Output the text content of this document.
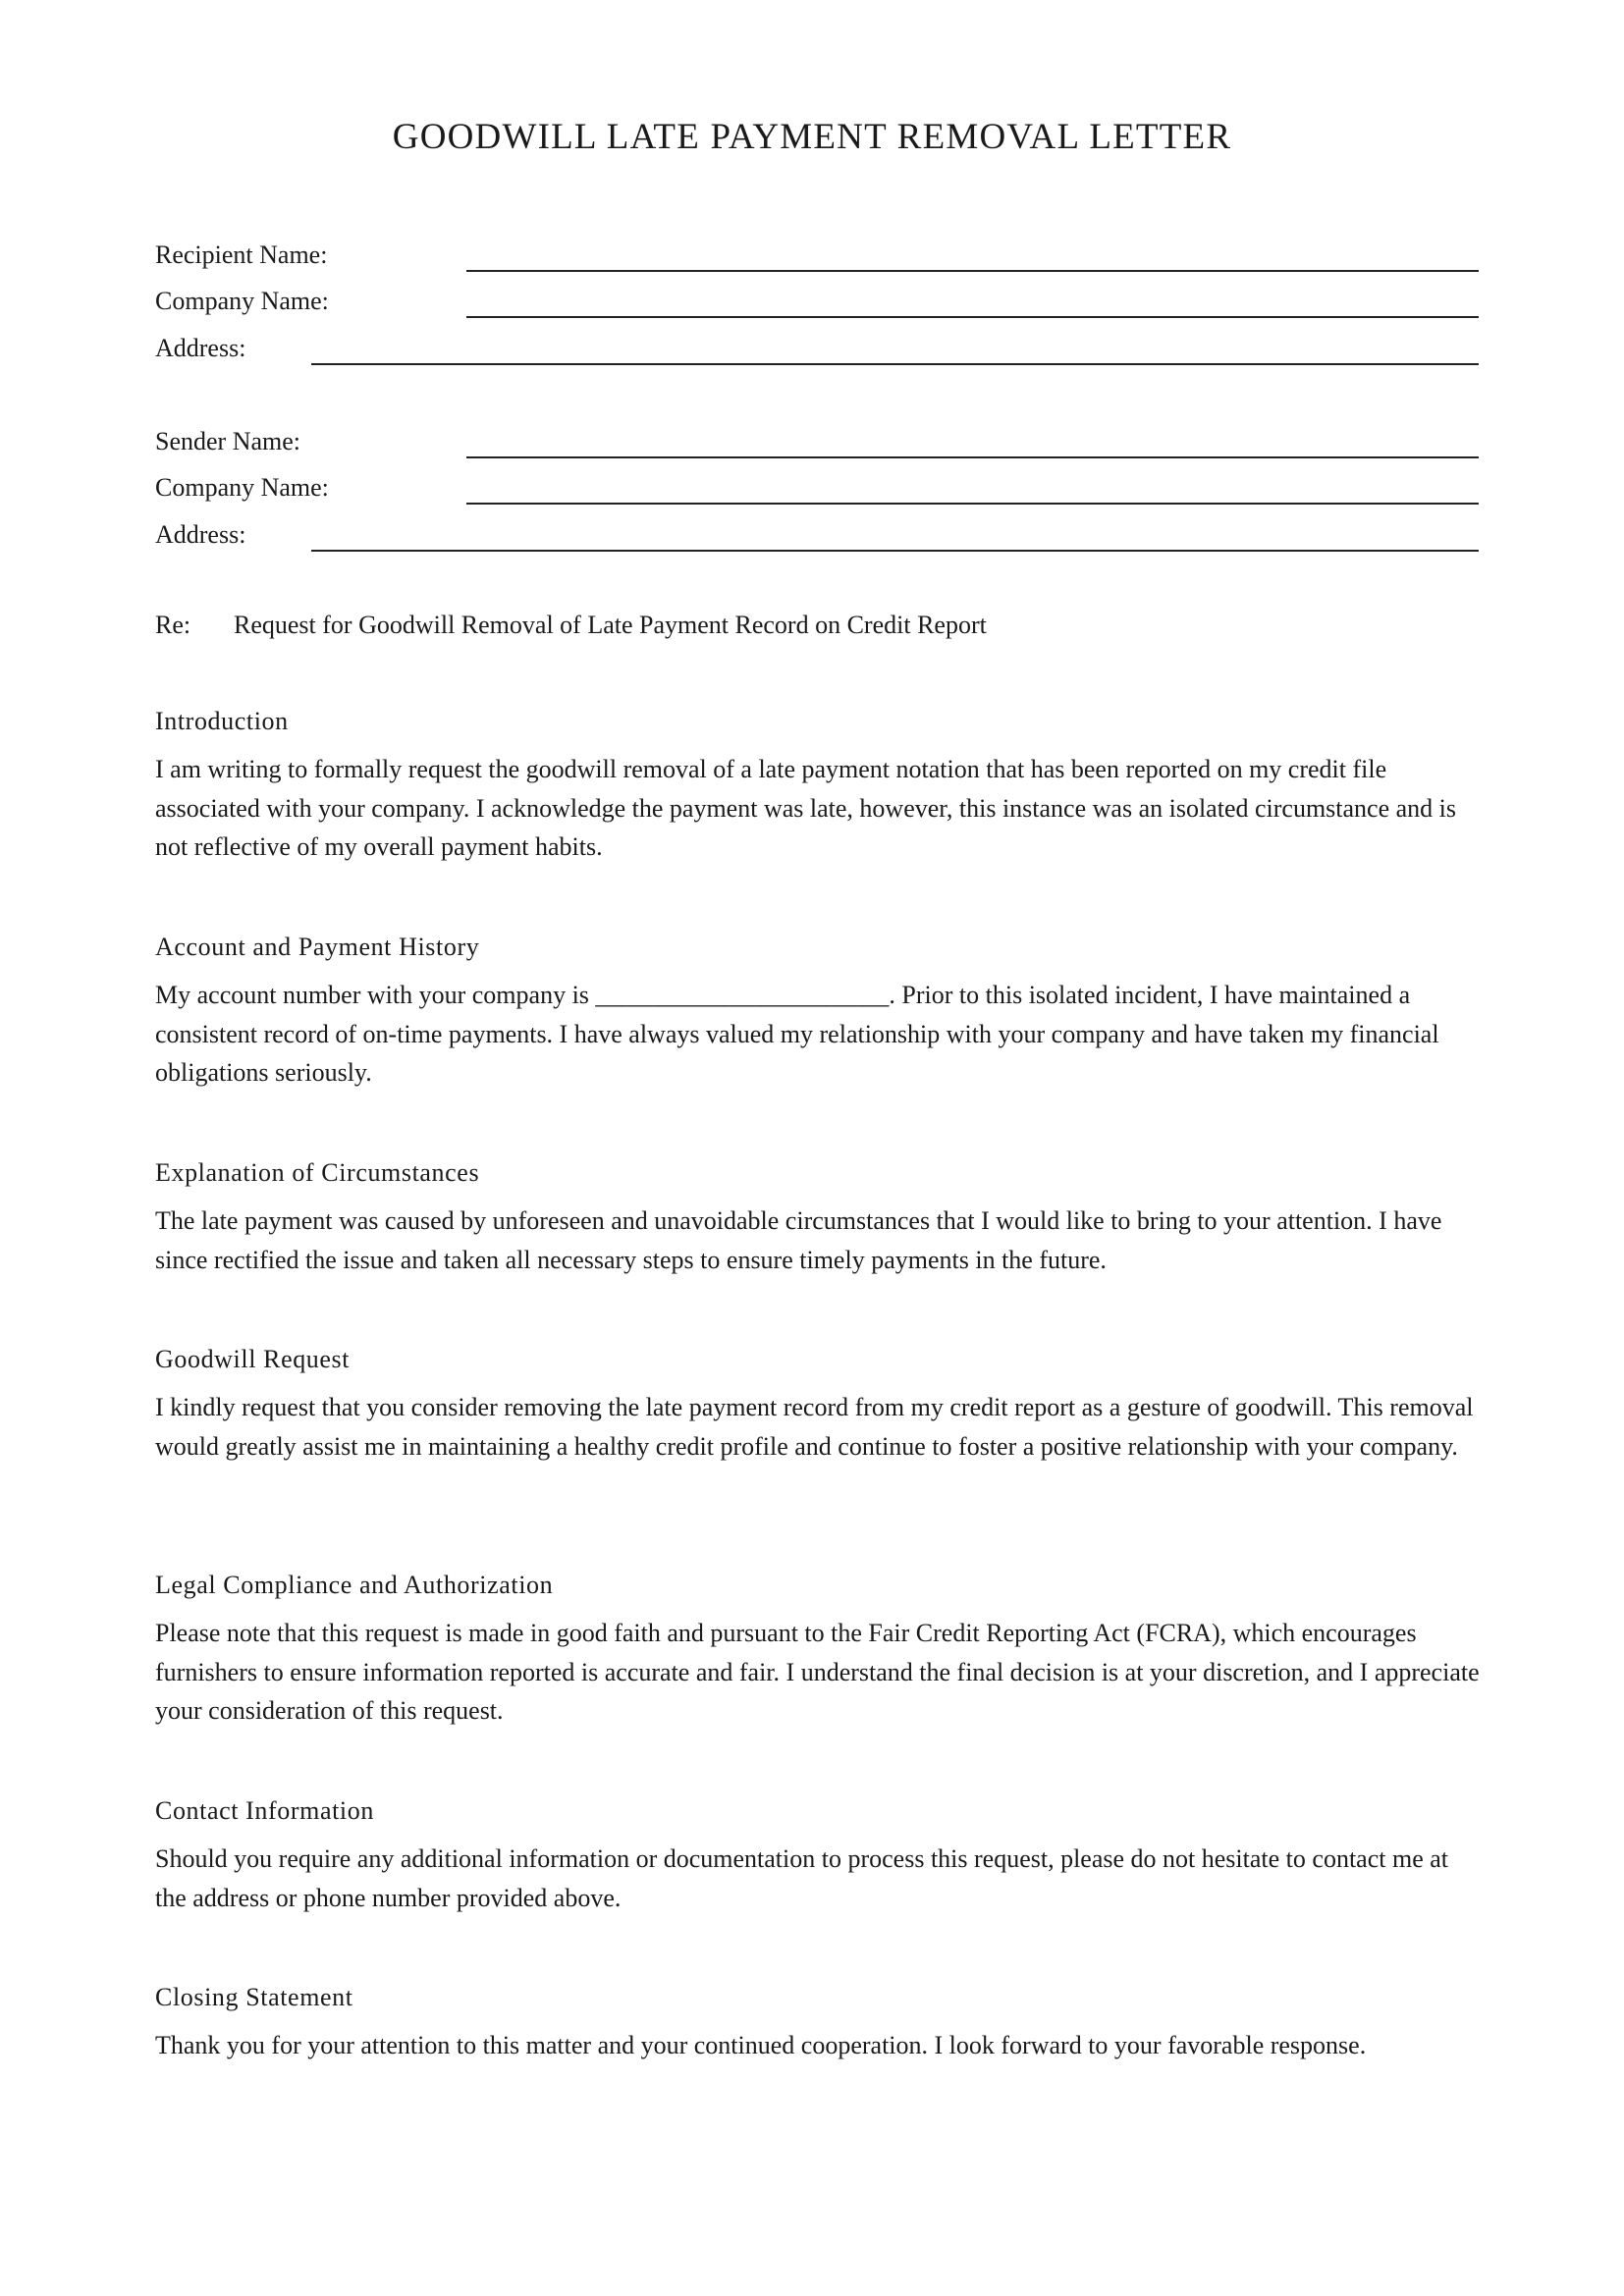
GOODWILL LATE PAYMENT REMOVAL LETTER
Recipient Name:
Company Name:
Address:
Sender Name:
Company Name:
Address:
Re: Request for Goodwill Removal of Late Payment Record on Credit Report
Introduction

I am writing to formally request the goodwill removal of a late payment notation that has been reported on my credit file associated with your company. I acknowledge the payment was late, however, this instance was an isolated circumstance and is not reflective of my overall payment habits.

Account and Payment History

My account number with your company is _______________________. Prior to this isolated incident, I have maintained a consistent record of on-time payments. I have always valued my relationship with your company and have taken my financial obligations seriously.

Explanation of Circumstances

The late payment was caused by unforeseen and unavoidable circumstances that I would like to bring to your attention. I have since rectified the issue and taken all necessary steps to ensure timely payments in the future.

Goodwill Request

I kindly request that you consider removing the late payment record from my credit report as a gesture of goodwill. This removal would greatly assist me in maintaining a healthy credit profile and continue to foster a positive relationship with your company.

Legal Compliance and Authorization

Please note that this request is made in good faith and pursuant to the Fair Credit Reporting Act (FCRA), which encourages furnishers to ensure information reported is accurate and fair. I understand the final decision is at your discretion, and I appreciate your consideration of this request.

Contact Information

Should you require any additional information or documentation to process this request, please do not hesitate to contact me at the address or phone number provided above.

Closing Statement

Thank you for your attention to this matter and your continued cooperation. I look forward to your favorable response.
